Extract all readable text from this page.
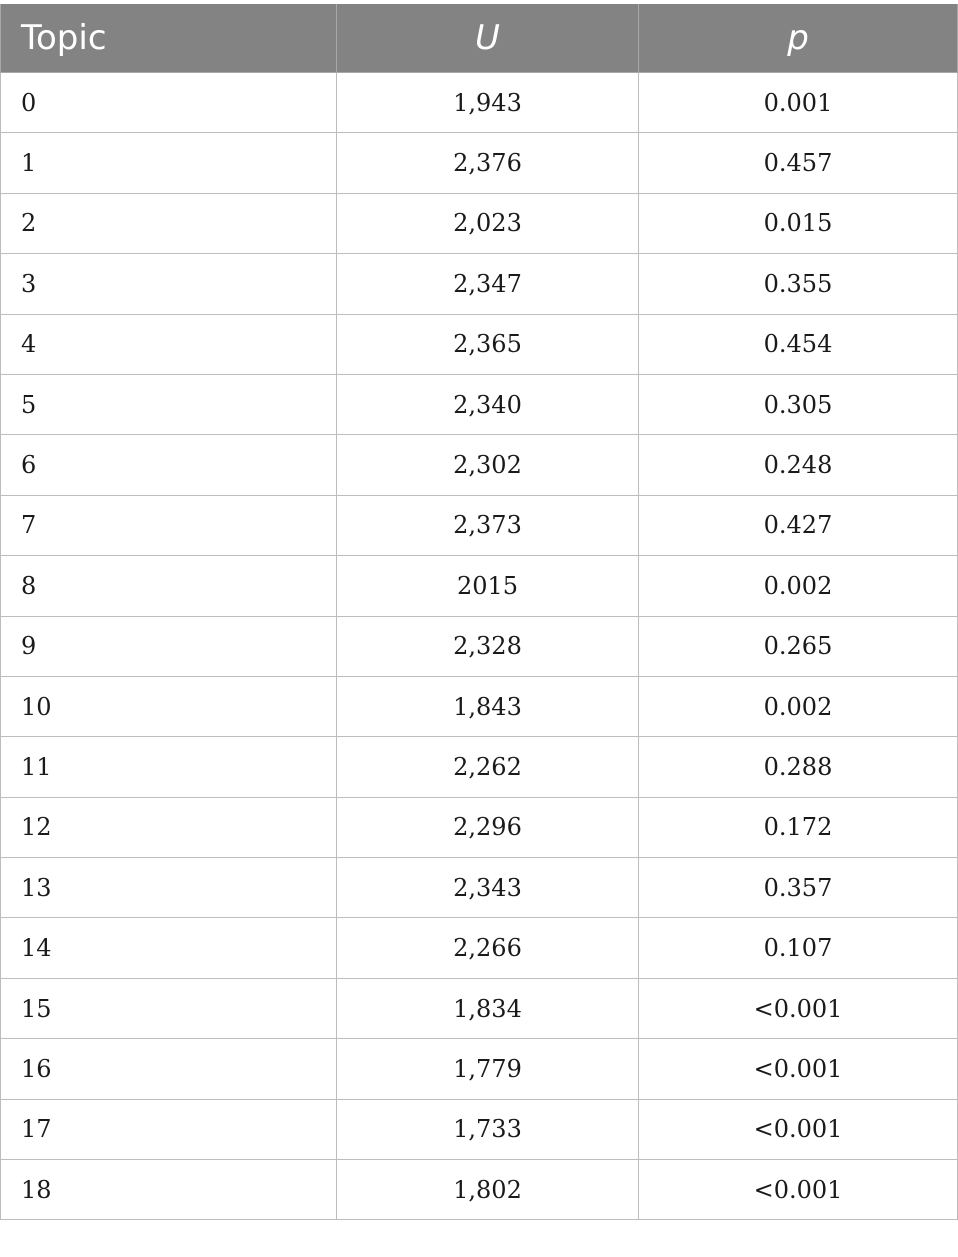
Topic	U	p
0	1,943	0.001
1	2,376	0.457
2	2,023	0.015
3	2,347	0.355
4	2,365	0.454
5	2,340	0.305
6	2,302	0.248
7	2,373	0.427
8	2015	0.002
9	2,328	0.265
10	1,843	0.002
11	2,262	0.288
12	2,296	0.172
13	2,343	0.357
14	2,266	0.107
15	1,834	<0.001
16	1,779	<0.001
17	1,733	<0.001
18	1,802	<0.001
